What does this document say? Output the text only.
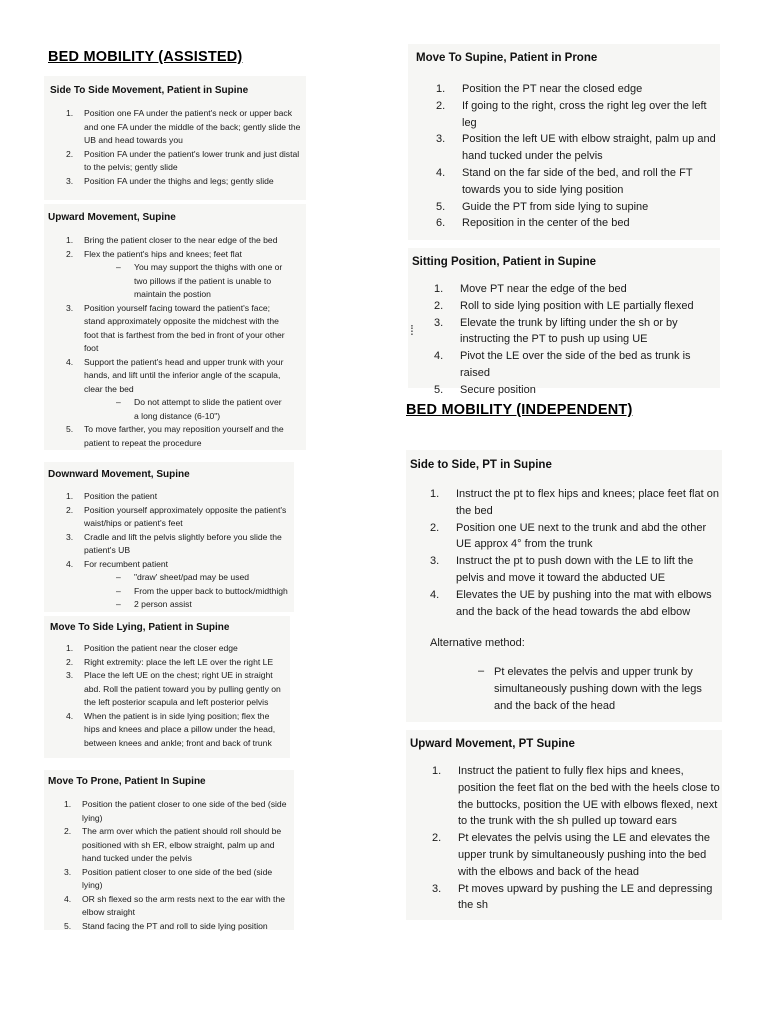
BED MOBILITY (ASSISTED)
Side To Side Movement, Patient in Supine
1. Position one FA under the patient's neck or upper back and one FA under the middle of the back; gently slide the UB and head towards you
2. Position FA under the patient's lower trunk and just distal to the pelvis; gently slide
3. Position FA under the thighs and legs; gently slide
Upward Movement, Supine
1. Bring the patient closer to the near edge of the bed
2. Flex the patient's hips and knees; feet flat
– You may support the thighs with one or two pillows if the patient is unable to maintain the postion
3. Position yourself facing toward the patient's face; stand approximately opposite the midchest with the foot that is farthest from the bed in front of your other foot
4. Support the patient's head and upper trunk with your hands, and lift until the inferior angle of the scapula, clear the bed
– Do not attempt to slide the patient over a long distance (6-10")
5. To move farther, you may reposition yourself and the patient to repeat the procedure
Downward Movement, Supine
1. Position the patient
2. Position yourself approximately opposite the patient's waist/hips or patient's feet
3. Cradle and lift the pelvis slightly before you slide the patient's UB
4. For recumbent patient
– "draw' sheet/pad may be used
– From the upper back to buttock/midthigh
– 2 person assist
Move To Side Lying, Patient in Supine
1. Position the patient near the closer edge
2. Right extremity: place the left LE over the right LE
3. Place the left UE on the chest; right UE in straight abd. Roll the patient toward you by pulling gently on the left posterior scapula and left posterior pelvis
4. When the patient is in side lying position; flex the hips and knees and place a pillow under the head, between knees and ankle; front and back of trunk
Move To Prone, Patient In Supine
1. Position the patient closer to one side of the bed (side lying)
2. The arm over which the patient should roll should be positioned with sh ER, elbow straight, palm up and hand tucked under the pelvis
3. Position patient closer to one side of the bed (side lying)
4. OR sh flexed so the arm rests next to the ear with the elbow straight
5. Stand facing the PT and roll to side lying position
Move To Supine, Patient in Prone
1. Position the PT near the closed edge
2. If going to the right, cross the right leg over the left leg
3. Position the left UE with elbow straight, palm up and hand tucked under the pelvis
4. Stand on the far side of the bed, and roll the FT towards you to side lying position
5. Guide the PT from side lying to supine
6. Reposition in the center of the bed
Sitting Position, Patient in Supine
1. Move PT near the edge of the bed
2. Roll to side lying position with LE partially flexed
3. Elevate the trunk by lifting under the sh or by instructing the PT to push up using UE
4. Pivot the LE over the side of the bed as trunk is raised
5. Secure position
⁞
BED MOBILITY (INDEPENDENT)
Side to Side, PT in Supine
1. Instruct the pt to flex hips and knees; place feet flat on the bed
2. Position one UE next to the trunk and abd the other UE approx 4° from the trunk
3. Instruct the pt to push down with the LE to lift the pelvis and move it toward the abducted UE
4. Elevates the UE by pushing into the mat with elbows and the back of the head towards the abd elbow
Alternative method:
– Pt elevates the pelvis and upper trunk by simultaneously pushing down with the legs and the back of the head
Upward Movement, PT Supine
1. Instruct the patient to fully flex hips and knees, position the feet flat on the bed with the heels close to the buttocks, position the UE with elbows flexed, next to the trunk with the sh pulled up toward ears
2. Pt elevates the pelvis using the LE and elevates the upper trunk by simultaneously pushing into the bed with the elbows and back of the head
3. Pt moves upward by pushing the LE and depressing the sh
